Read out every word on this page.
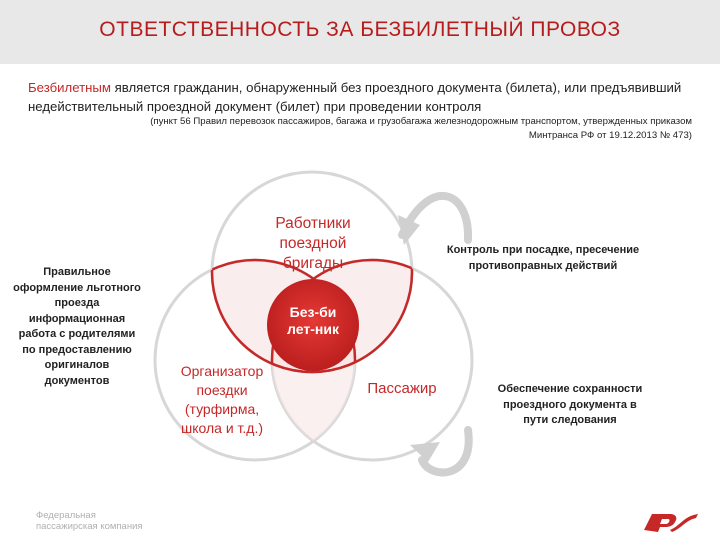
ОТВЕТСТВЕННОСТЬ ЗА БЕЗБИЛЕТНЫЙ ПРОВОЗ
Безбилетным является гражданин, обнаруженный без проездного документа (билета), или предъявивший недействительный проездной документ (билет) при проведении контроля
(пункт 56 Правил перевозок пассажиров, багажа и грузобагажа железнодорожным транспортом, утвержденных приказом Минтранса РФ от 19.12.2013 № 473)
Работники поездной бригады
Организатор поездки (турфирма, школа и т.д.)
Пассажир
Без-билет-ник
Правильное оформление льготного проезда информационная работа с родителями по предоставлению оригиналов документов
Контроль при посадке, пресечение противоправных действий
Обеспечение сохранности проездного документа в пути следования
Федеральная
пассажирская компания
